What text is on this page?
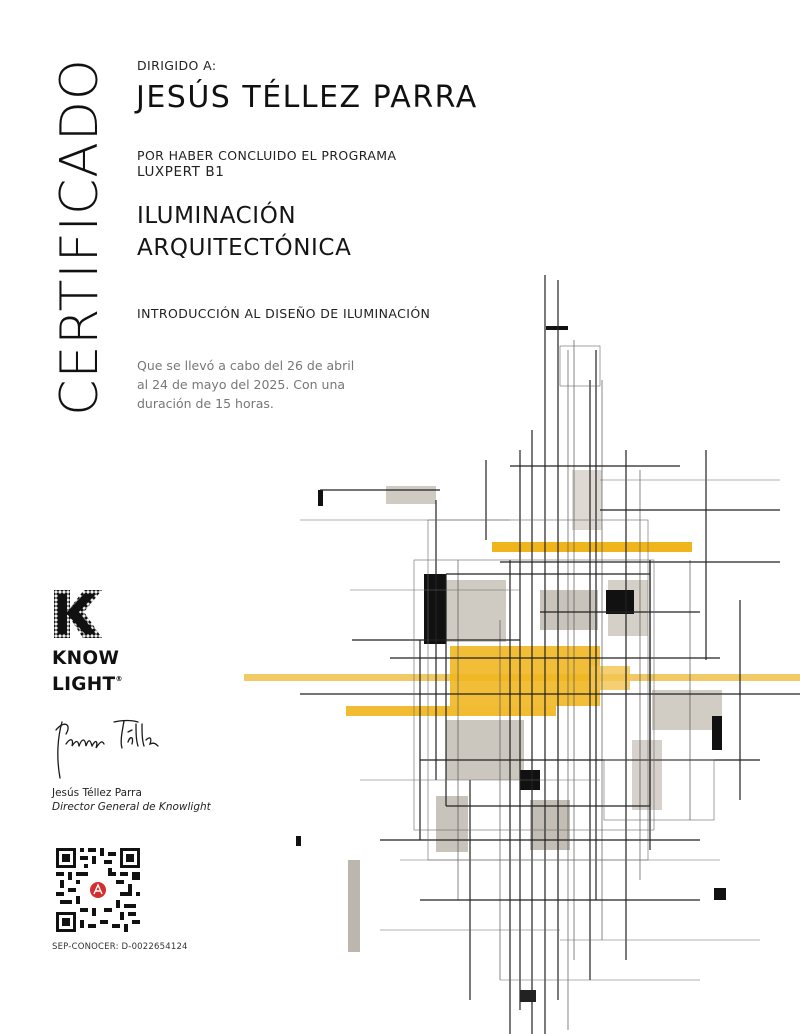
CERTIFICADO DIRIGIDO A:
JESÚS TÉLLEZ PARRA
POR HABER CONCLUIDO EL PROGRAMA
LUXPERT B1
ILUMINACIÓN
ARQUITECTÓNICA
INTRODUCCIÓN AL DISEÑO DE ILUMINACIÓN
Que se llevó a cabo del 26 de abril
al 24 de mayo del 2025. Con una
duración de 15 horas.
KNOW
LIGHT®
Jesús Téllez Parra
Director General de Knowlight
SEP-CONOCER: D-0022654124
